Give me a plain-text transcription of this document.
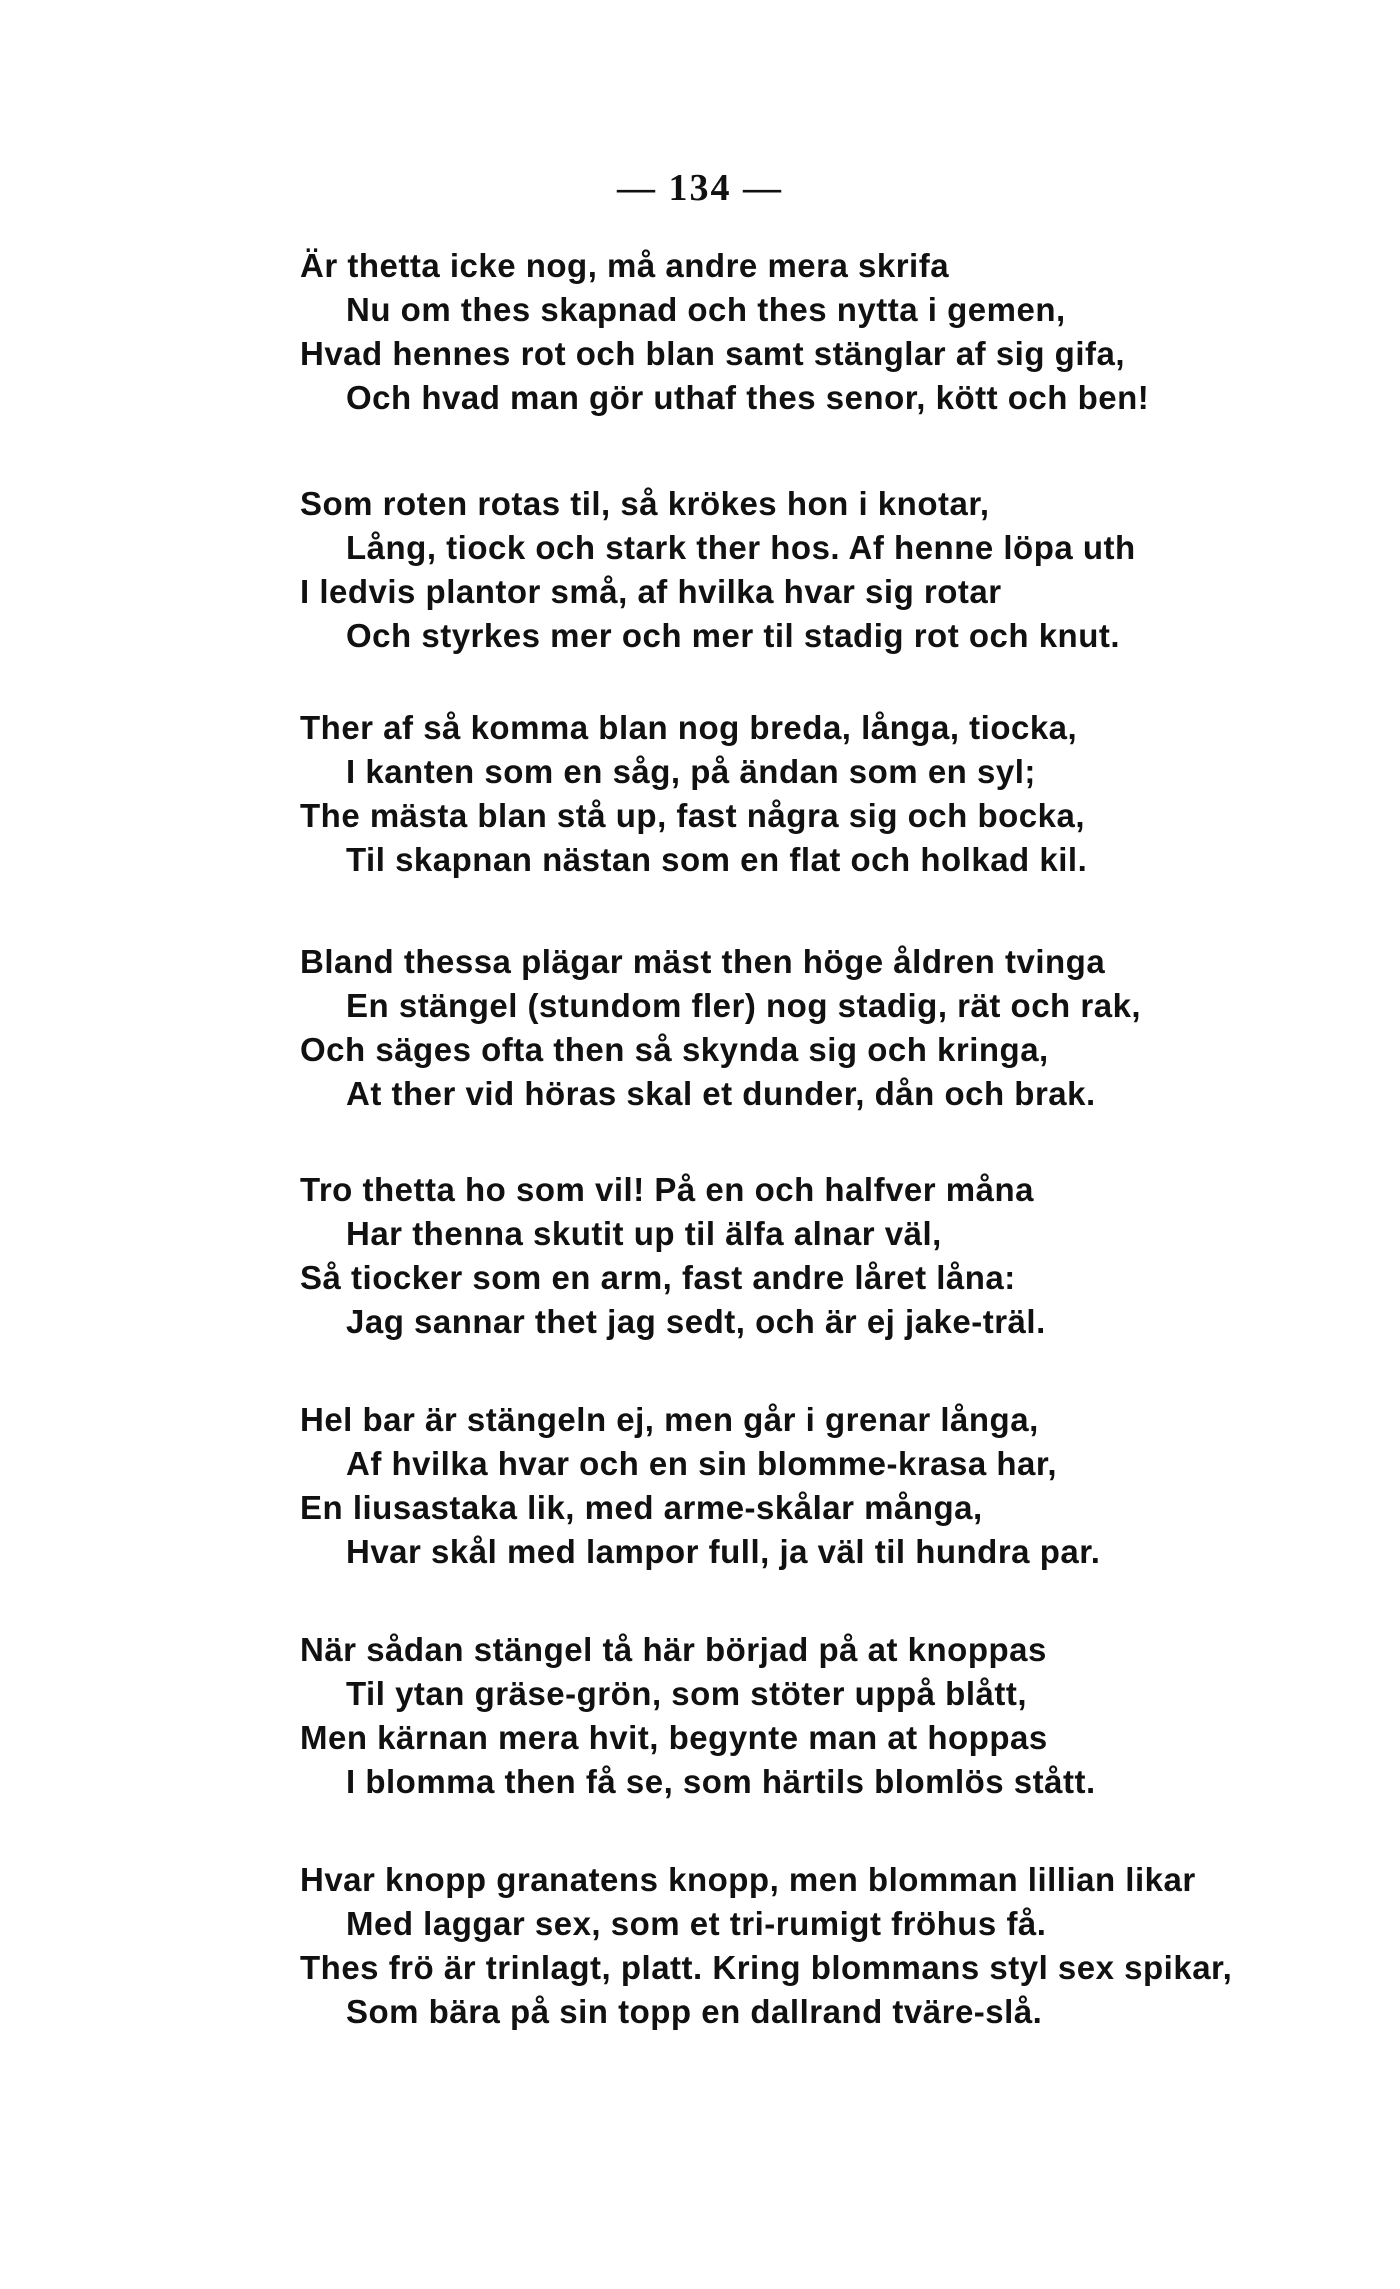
— 134 —
Är thetta icke nog, må andre mera skrifa
Nu om thes skapnad och thes nytta i gemen,
Hvad hennes rot och blan samt stänglar af sig gifa,
Och hvad man gör uthaf thes senor, kött och ben!
Som roten rotas til, så krökes hon i knotar,
Lång, tiock och stark ther hos. Af henne löpa uth
I ledvis plantor små, af hvilka hvar sig rotar
Och styrkes mer och mer til stadig rot och knut.
Ther af så komma blan nog breda, långa, tiocka,
I kanten som en såg, på ändan som en syl;
The mästa blan stå up, fast några sig och bocka,
Til skapnan nästan som en flat och holkad kil.
Bland thessa plägar mäst then höge åldren tvinga
En stängel (stundom fler) nog stadig, rät och rak,
Och säges ofta then så skynda sig och kringa,
At ther vid höras skal et dunder, dån och brak.
Tro thetta ho som vil! På en och halfver måna
Har thenna skutit up til älfa alnar väl,
Så tiocker som en arm, fast andre låret låna:
Jag sannar thet jag sedt, och är ej jake-träl.
Hel bar är stängeln ej, men går i grenar långa,
Af hvilka hvar och en sin blomme-krasa har,
En liusastaka lik, med arme-skålar många,
Hvar skål med lampor full, ja väl til hundra par.
När sådan stängel tå här börjad på at knoppas
Til ytan gräse-grön, som stöter uppå blått,
Men kärnan mera hvit, begynte man at hoppas
I blomma then få se, som härtils blomlös stått.
Hvar knopp granatens knopp, men blomman lillian likar
Med laggar sex, som et tri-rumigt fröhus få.
Thes frö är trinlagt, platt. Kring blommans styl sex spikar,
Som bära på sin topp en dallrand tväre-slå.
